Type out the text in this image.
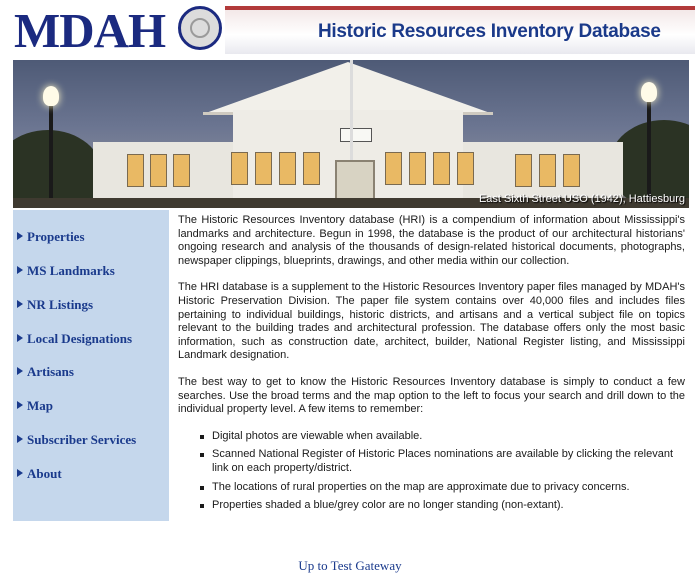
MDAH	Historic Resources Inventory Database
East Sixth Street USO (1942), Hattiesburg
Properties
MS Landmarks
NR Listings
Local Designations
Artisans
Map
Subscriber Services
About

The Historic Resources Inventory database (HRI) is a compendium of information about Mississippi's landmarks and architecture. Begun in 1998, the database is the product of our architectural historians' ongoing research and analysis of the thousands of design-related historical documents, photographs, newspaper clippings, blueprints, drawings, and other media within our collection.

The HRI database is a supplement to the Historic Resources Inventory paper files managed by MDAH's Historic Preservation Division. The paper file system contains over 40,000 files and includes files pertaining to individual buildings, historic districts, and artisans and a vertical subject file on topics relevant to the building trades and architectural profession. The database offers only the most basic information, such as construction date, architect, builder, National Register listing, and Mississippi Landmark designation.

The best way to get to know the Historic Resources Inventory database is simply to conduct a few searches. Use the broad terms and the map option to the left to focus your search and drill down to the individual property level. A few items to remember:

Digital photos are viewable when available.
Scanned National Register of Historic Places nominations are available by clicking the relevant link on each property/district.
The locations of rural properties on the map are approximate due to privacy concerns.
Properties shaded a blue/grey color are no longer standing (non-extant).
Up to Test Gateway
